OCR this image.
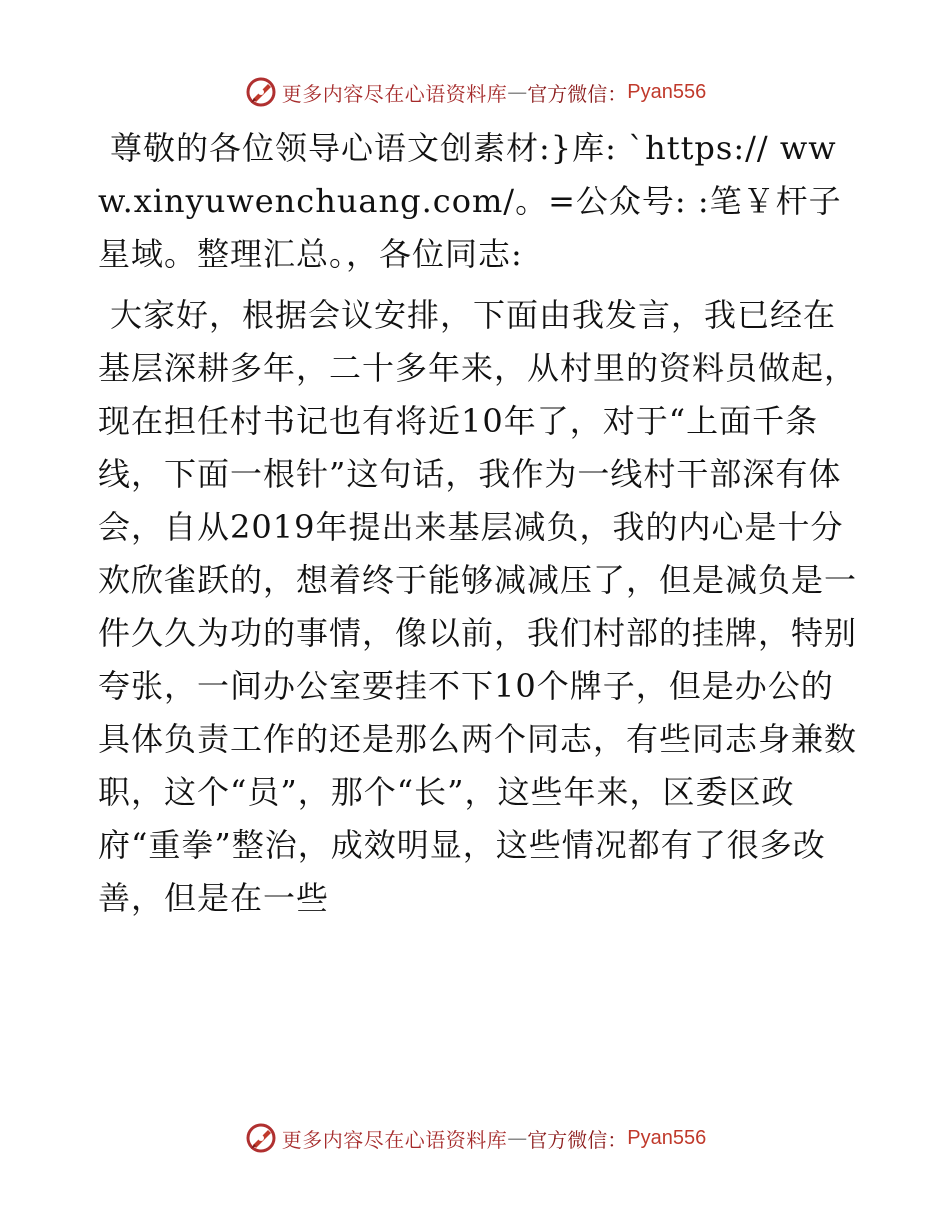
更多内容尽在心语资料库 — 官方微信： Pyan556

尊敬的各位领导心语文创素材:}库: `https:// www.xinyuwenchuang.com/。=公众号: :笔￥杆子星域。整理汇总。，各位同志:

大家好，根据会议安排，下面由我发言，我已经在基层深耕多年，二十多年来，从村里的资料员做起，现在担任村书记也有将近10年了，对于“上面千条线，下面一根针”这句话，我作为一线村干部深有体会，自从2019年提出来基层减负，我的内心是十分欢欣雀跃的，想着终于能够减减压了，但是减负是一件久久为功的事情，像以前，我们村部的挂牌，特别夸张，一间办公室要挂不下10个牌子，但是办公的具体负责工作的还是那么两个同志，有些同志身兼数职，这个“员”，那个“长”，这些年来，区委区政府“重拳”整治，成效明显，这些情况都有了很多改善，但是在一些

更多内容尽在心语资料库 — 官方微信： Pyan556
